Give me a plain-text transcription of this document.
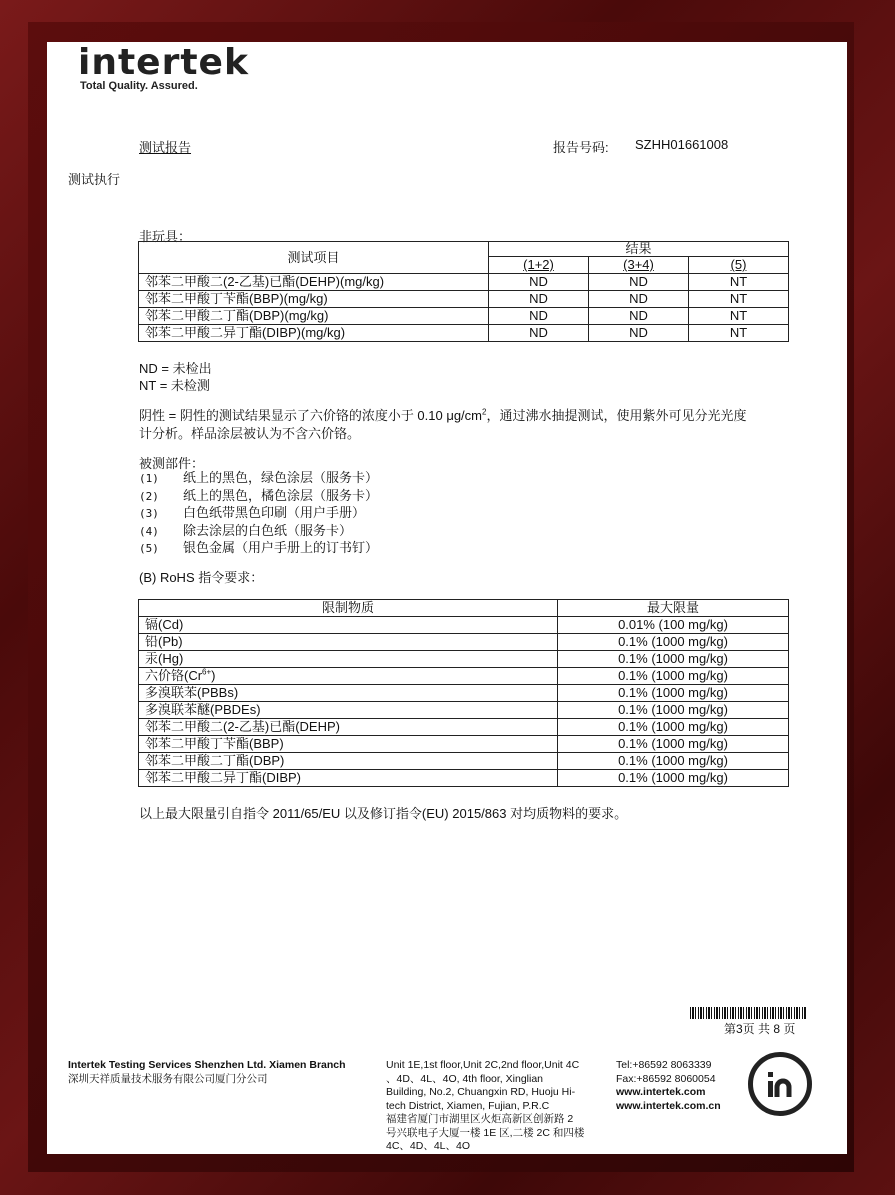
intertek
Total Quality. Assured.
测试报告	报告号码: SZHH01661008
测试执行
非玩具：
测试项目	结果		
	(1+2)	(3+4)	(5)
邻苯二甲酸二(2-乙基)已酯(DEHP)(mg/kg)	ND	ND	NT
邻苯二甲酸丁苄酯(BBP)(mg/kg)	ND	ND	NT
邻苯二甲酸二丁酯(DBP)(mg/kg)	ND	ND	NT
邻苯二甲酸二异丁酯(DIBP)(mg/kg)	ND	ND	NT
ND = 未检出
NT = 未检测
阴性 = 阴性的测试结果显示了六价铬的浓度小于 0.10 $\mu g/cm^2$，通过沸水抽提测试，使用紫外可见分光光度
计分析。样品涂层被认为不含六价铬。
被测部件：
(1) 纸上的黑色，绿色涂层（服务卡）
(2) 纸上的黑色，橘色涂层（服务卡）
(3) 白色纸带黑色印刷（用户手册）
(4) 除去涂层的白色纸（服务卡）
(5) 银色金属（用户手册上的订书钉）
(B) RoHS 指令要求：
限制物质	最大限量
镉(Cd)	0.01% (100 mg/kg)
铅(Pb)	0.1% (1000 mg/kg)
汞(Hg)	0.1% (1000 mg/kg)
六价铬$(Cr^{6+})$	0.1% (1000 mg/kg)
多溴联苯(PBBs)	0.1% (1000 mg/kg)
多溴联苯醚(PBDEs)	0.1% (1000 mg/kg)
邻苯二甲酸二(2-乙基)已酯(DEHP)	0.1% (1000 mg/kg)
邻苯二甲酸丁苄酯(BBP)	0.1% (1000 mg/kg)
邻苯二甲酸二丁酯(DBP)	0.1% (1000 mg/kg)
邻苯二甲酸二异丁酯(DIBP)	0.1% (1000 mg/kg)
以上最大限量引自指令 2011/65/EU 以及修订指令(EU) 2015/863 对均质物料的要求。
第3页 共 8 页
Intertek Testing Services Shenzhen Ltd. Xiamen Branch
深圳天祥质量技术服务有限公司厦门分公司
Unit 1E,1st floor,Unit 2C,2nd floor,Unit 4C
、4D、4L、4O, 4th floor, Xinglian
Building, No.2, Chuangxin RD, Huoju Hi-
tech District, Xiamen, Fujian, P.R.C
福建省厦门市湖里区火炬高新区创新路 2
号兴联电子大厦一楼 1E 区,二楼 2C 和四楼
4C、4D、4L、4O
Tel:+86592 8063339
Fax:+86592 8060054
www.intertek.com
www.intertek.com.cn
